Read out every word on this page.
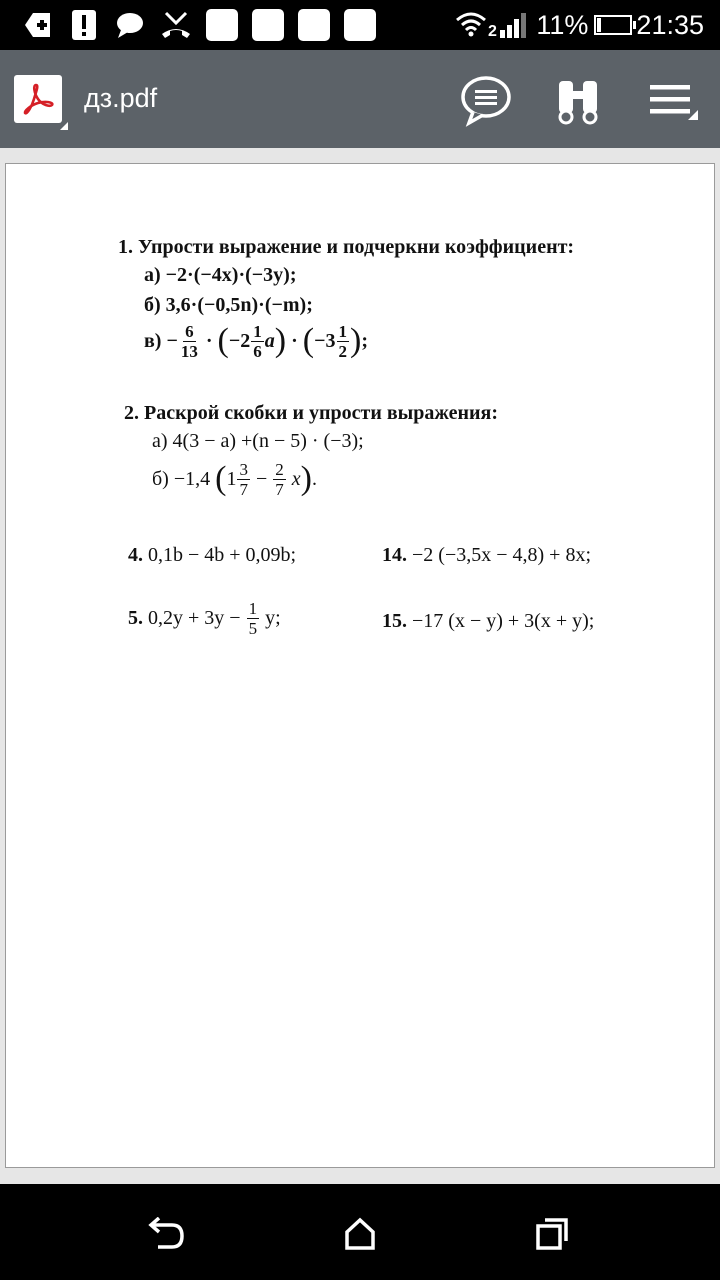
2 11% 21:35
дз.pdf
1. Упрости выражение и подчеркни коэффициент:
а) −2·(−4x)·(−3y);
б) 3,6·(−0,5n)·(−m);
в)
− $\frac{6}{13}$
·
( $-2 \frac{1}{6}$ a )
·
( $-3 \frac{1}{2}$ ) ;
2. Раскрой скобки и упрости выражения:
а) 4(3 − a) +(n − 5) · (−3);
б) −1,4
( $1 \frac{3}{7}$
−
$\frac{2}{7}$
x ) .
4. 0,1b − 4b + 0,09b;	14. −2 (−3,5x − 4,8) + 8x;
5.
0,2y + 3y −
$\frac{1}{5}$
y;	15. −17 (x − y) + 3(x + y);
